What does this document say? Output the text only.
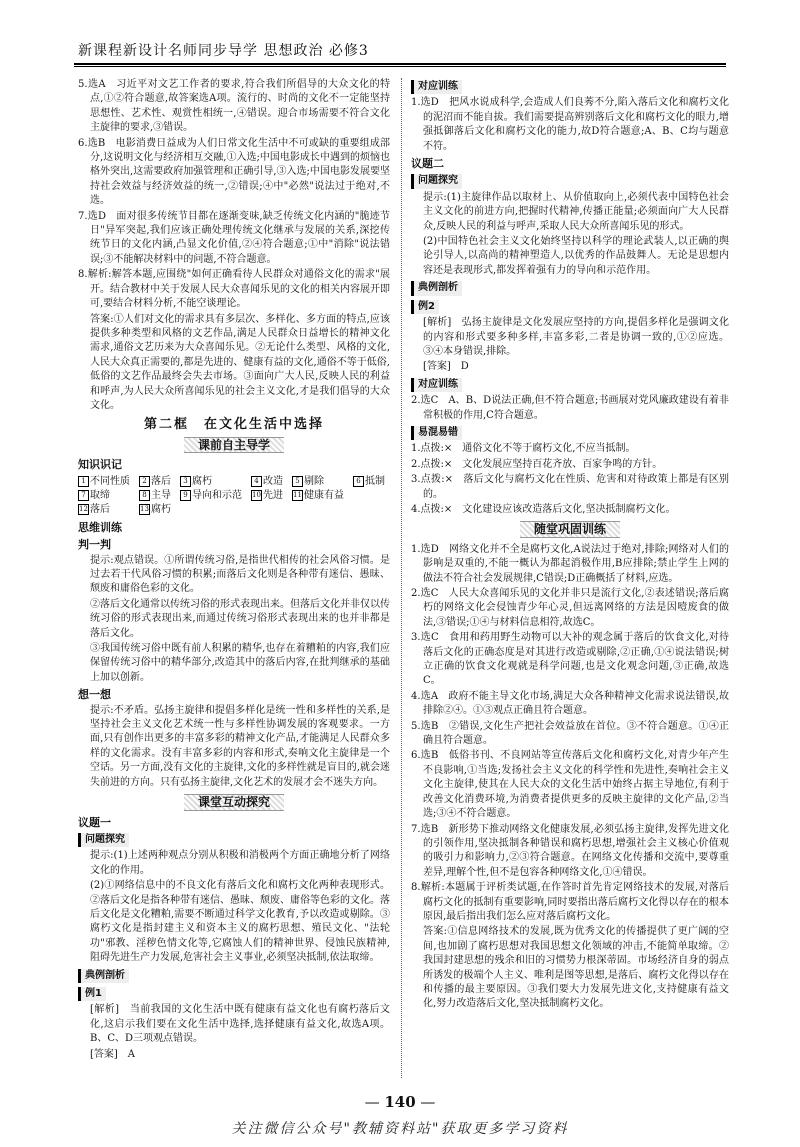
新课程新设计名师同步导学 思想政治 必修3

5.选A　习近平对文艺工作者的要求,符合我们所倡导的大众文化的特点,①②符合题意,故答案选A项。流行的、时尚的文化不一定能坚持思想性、艺术性、观赏性相统一,④错误。迎合市场需要不符合文化主旋律的要求,③错误。

6.选B　电影消费日益成为人们日常文化生活中不可或缺的重要组成部分,这说明文化与经济相互交融,①入选;中国电影成长中遇到的烦恼也格外突出,这需要政府加强管理和正确引导,③入选;中国电影发展要坚持社会效益与经济效益的统一,②错误;④中"必然"说法过于绝对,不选。

7.选D　面对很多传统节目都在逐渐变味,缺乏传统文化内涵的"脆迹节日"异军突起,我们应该正确处理传统文化继承与发展的关系,深挖传统节日的文化内涵,凸显文化价值,②④符合题意;①中"消除"说法错误;③不能解决材料中的问题,不符合题意。

8.解析:解答本题,应围绕"如何正确看待人民群众对通俗文化的需求"展开。结合教材中关于发展人民大众喜闻乐见的文化的相关内容展开即可,要结合材料分析,不能空谈理论。

答案:①人们对文化的需求具有多层次、多样化、多方面的特点,应该提供多种类型和风格的文艺作品,满足人民群众日益增长的精神文化需求,通俗文艺历来为大众喜闻乐见。②无论什么类型、风格的文化,人民大众真正需要的,都是先进的、健康有益的文化,通俗不等于低俗,低俗的文艺作品最终会失去市场。③面向广大人民,反映人民的利益和呼声,为人民大众所喜闻乐见的社会主义文化,才是我们倡导的大众文化。

第二框　在文化生活中选择
课前自主导学
知识识记
1 不同性质	2 落后	3 腐朽	4 改造	5 剔除	6 抵制
7 取缔	8 主导	9 导向和示范	10 先进	11 健康有益
12 落后	13 腐朽
思维训练
判一判

提示:观点错误。①所谓传统习俗,是指世代相传的社会风俗习惯。是过去若干代风俗习惯的积累;而落后文化则是各种带有迷信、愚昧、颓废和庸俗色彩的文化。

②落后文化通常以传统习俗的形式表现出来。但落后文化并非仅以传统习俗的形式表现出来,而通过传统习俗形式表现出来的也并非都是落后文化。

③我国传统习俗中既有前人积累的精华,也存在着糟粕的内容,我们应保留传统习俗中的精华部分,改造其中的落后内容,在批判继承的基础上加以创新。

想一想

提示:不矛盾。弘扬主旋律和提倡多样化是统一性和多样性的关系,是坚持社会主义文化艺术统一性与多样性协调发展的客观要求。一方面,只有创作出更多的丰富多彩的精神文化产品,才能满足人民群众多样的文化需求。没有丰富多彩的内容和形式,奏响文化主旋律是一个空话。另一方面,没有文化的主旋律,文化的多样性就是盲目的,就会迷失前进的方向。只有弘扬主旋律,文化艺术的发展才会不迷失方向。

课堂互动探究
议题一
问题探究

提示:(1)上述两种观点分别从积极和消极两个方面正确地分析了网络文化的作用。

(2)①网络信息中的不良文化有落后文化和腐朽文化两种表现形式。②落后文化是指各种带有迷信、愚昧、颓废、庸俗等色彩的文化。落后文化是文化糟粕,需要不断通过科学文化教育,予以改造或剔除。③腐朽文化是指封建主义和资本主义的腐朽思想、殖民文化、"法轮功"邪教、淫秽色情文化等,它腐蚀人们的精神世界、侵蚀民族精神,阻碍先进生产力发展,危害社会主义事业,必须坚决抵制,依法取缔。

典例剖析
例1

[解析]　当前我国的文化生活中既有健康有益文化也有腐朽落后文化,这启示我们要在文化生活中选择,选择健康有益文化,故选A项。B、C、D三项观点错误。

[答案]　A

对应训练

1.选D　把风水说成科学,会造成人们良莠不分,陷入落后文化和腐朽文化的泥沼而不能自拔。我们需要提高辨别落后文化和腐朽文化的眼力,增强抵御落后文化和腐朽文化的能力,故D符合题意;A、B、C均与题意不符。

议题二
问题探究

提示:(1)主旋律作品以取材上、从价值取向上,必须代表中国特色社会主义文化的前进方向,把握时代精神,传播正能量;必须面向广大人民群众,反映人民的利益与呼声,采取人民大众所喜闻乐见的形式。

(2)中国特色社会主义文化始终坚持以科学的理论武装人,以正确的舆论引导人,以高尚的精神塑造人,以优秀的作品鼓舞人。无论是思想内容还是表现形式,都发挥着强有力的导向和示范作用。

典例剖析
例2

[解析]　弘扬主旋律是文化发展应坚持的方向,提倡多样化是强调文化的内容和形式要多种多样,丰富多彩,二者是协调一致的,①②应选。③④本身错误,排除。

[答案]　D

对应训练

2.选C　A、B、D说法正确,但不符合题意;书画展对党风廉政建设有着非常积极的作用,C符合题意。

易混易错

1.点拨:×　通俗文化不等于腐朽文化,不应当抵制。

2.点拨:×　文化发展应坚持百花齐放、百家争鸣的方针。

3.点拨:×　落后文化与腐朽文化在性质、危害和对待政策上都是有区别的。

4.点拨:×　文化建设应该改造落后文化,坚决抵制腐朽文化。

随堂巩固训练

1.选D　网络文化并不全是腐朽文化,A说法过于绝对,排除;网络对人们的影响是双重的,不能一概认为都起消极作用,B应排除;禁止学生上网的做法不符合社会发展规律,C错误;D正确概括了材料,应选。

2.选C　人民大众喜闻乐见的文化并非只是流行文化,②表述错误;落后腐朽的网络文化会侵蚀青少年心灵,但远离网络的方法是因噎废食的做法,③错误;①④与材料信息相符,故选C。

3.选C　食用和药用野生动物可以大补的观念属于落后的饮食文化,对待落后文化的正确态度是对其进行改造或剔除,②正确,①④说法错误;树立正确的饮食文化观就是科学问题,也是文化观念问题,③正确,故选C。

4.选A　政府不能主导文化市场,满足大众各种精神文化需求说法错误,故排除②④。①③观点正确且符合题意。

5.选B　②错误,文化生产把社会效益放在首位。③不符合题意。①④正确且符合题意。

6.选B　低俗书刊、不良网站等宣传落后文化和腐朽文化,对青少年产生不良影响,①当选;发扬社会主义文化的科学性和先进性,奏响社会主义文化主旋律,使其在人民大众的文化生活中始终占据主导地位,有利于改善文化消费环境,为消费者提供更多的反映主旋律的文化产品,②当选;③④不符合题意。

7.选B　新形势下推动网络文化健康发展,必须弘扬主旋律,发挥先进文化的引领作用,坚决抵制各种错误和腐朽思想,增强社会主义核心价值观的吸引力和影响力,②③符合题意。在网络文化传播和交流中,要尊重差异,理解个性,但不是包容各种网络文化,①④错误。

8.解析:本题属于评析类试题,在作答时首先肯定网络技术的发展,对落后腐朽文化的抵制有重要影响,同时要指出落后腐朽文化得以存在的根本原因,最后指出我们怎么应对落后腐朽文化。

答案:①信息网络技术的发展,既为优秀文化的传播提供了更广阔的空间,也加剧了腐朽思想对我国思想文化领域的冲击,不能简单取缔。②我国封建思想的残余和旧的习惯势力根深蒂固。市场经济自身的弱点所诱发的极端个人主义、唯利是图等思想,是落后、腐朽文化得以存在和传播的最主要原因。③我们要大力发展先进文化,支持健康有益文化,努力改造落后文化,坚决抵制腐朽文化。

— 140 —
关注微信公众号"教辅资料站"获取更多学习资料
